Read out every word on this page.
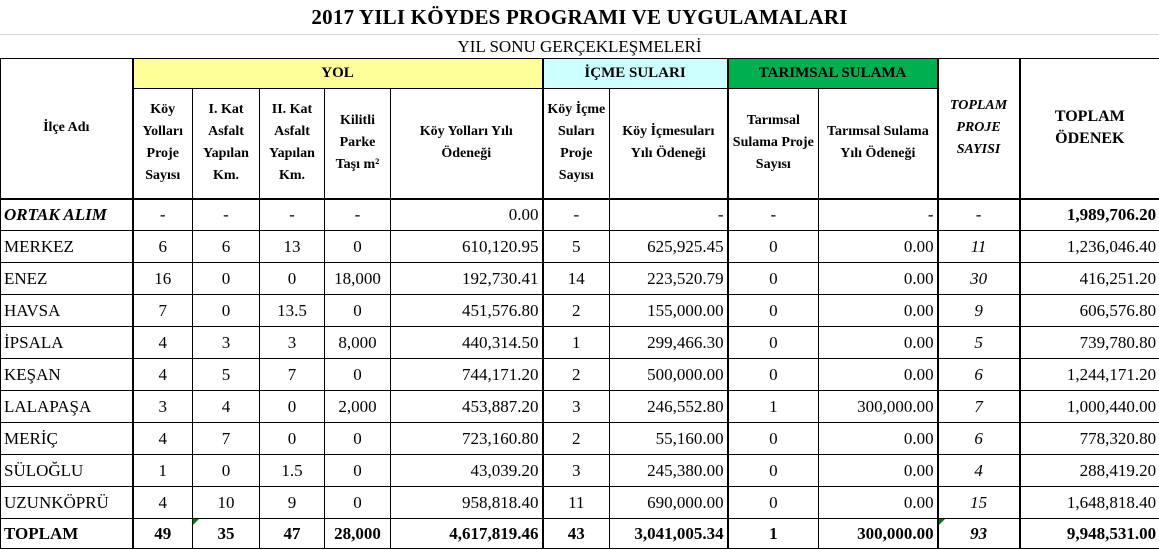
2017 YILI KÖYDES PROGRAMI VE UYGULAMALARI
YIL SONU GERÇEKLEŞMELERİ
İlçe Adı	YOL					İÇME SULARI		TARIMSAL SULAMA		TOPLAM PROJE SAYISI	TOPLAM ÖDENEK
	Köy Yolları Proje Sayısı	I. Kat Asfalt Yapılan Km.	II. Kat Asfalt Yapılan Km.	Kilitli Parke Taşı m²	Köy Yolları Yılı Ödeneği	Köy İçme Suları Proje Sayısı	Köy İçmesuları Yılı Ödeneği	Tarımsal Sulama Proje Sayısı	Tarımsal Sulama Yılı Ödeneği		
ORTAK ALIM	-	-	-	-	0.00	-	-	-	-	-	1,989,706.20
MERKEZ	6	6	13	0	610,120.95	5	625,925.45	0	0.00	11	1,236,046.40
ENEZ	16	0	0	18,000	192,730.41	14	223,520.79	0	0.00	30	416,251.20
HAVSA	7	0	13.5	0	451,576.80	2	155,000.00	0	0.00	9	606,576.80
İPSALA	4	3	3	8,000	440,314.50	1	299,466.30	0	0.00	5	739,780.80
KEŞAN	4	5	7	0	744,171.20	2	500,000.00	0	0.00	6	1,244,171.20
LALAPAŞA	3	4	0	2,000	453,887.20	3	246,552.80	1	300,000.00	7	1,000,440.00
MERİÇ	4	7	0	0	723,160.80	2	55,160.00	0	0.00	6	778,320.80
SÜLOĞLU	1	0	1.5	0	43,039.20	3	245,380.00	0	0.00	4	288,419.20
UZUNKÖPRÜ	4	10	9	0	958,818.40	11	690,000.00	0	0.00	15	1,648,818.40
TOPLAM	49	35	47	28,000	4,617,819.46	43	3,041,005.34	1	300,000.00	93	9,948,531.00
